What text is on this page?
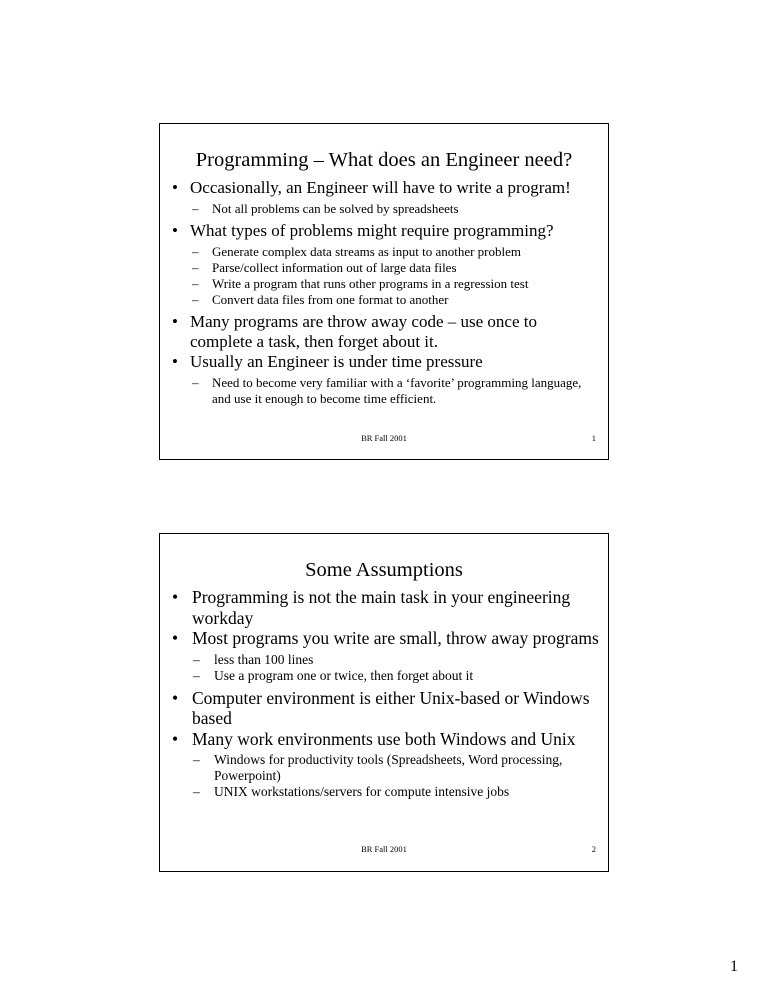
Programming – What does an Engineer need?

• Occasionally, an Engineer will have to write a program!

– Not all problems can be solved by spreadsheets

• What types of problems might require programming?

– Generate complex data streams as input to another problem

– Parse/collect information out of large data files

– Write a program that runs other programs in a regression test

– Convert data files from one format to another

• Many programs are throw away code – use once to complete a task, then forget about it.

• Usually an Engineer is under time pressure

– Need to become very familiar with a ‘favorite’ programming language, and use it enough to become time efficient.

BR Fall 2001	1
Some Assumptions

• Programming is not the main task in your engineering workday

• Most programs you write are small, throw away programs

– less than 100 lines

– Use a program one or twice, then forget about it

• Computer environment is either Unix-based or Windows based

• Many work environments use both Windows and Unix

– Windows for productivity tools (Spreadsheets, Word processing, Powerpoint)

– UNIX workstations/servers for compute intensive jobs

BR Fall 2001	2
1
